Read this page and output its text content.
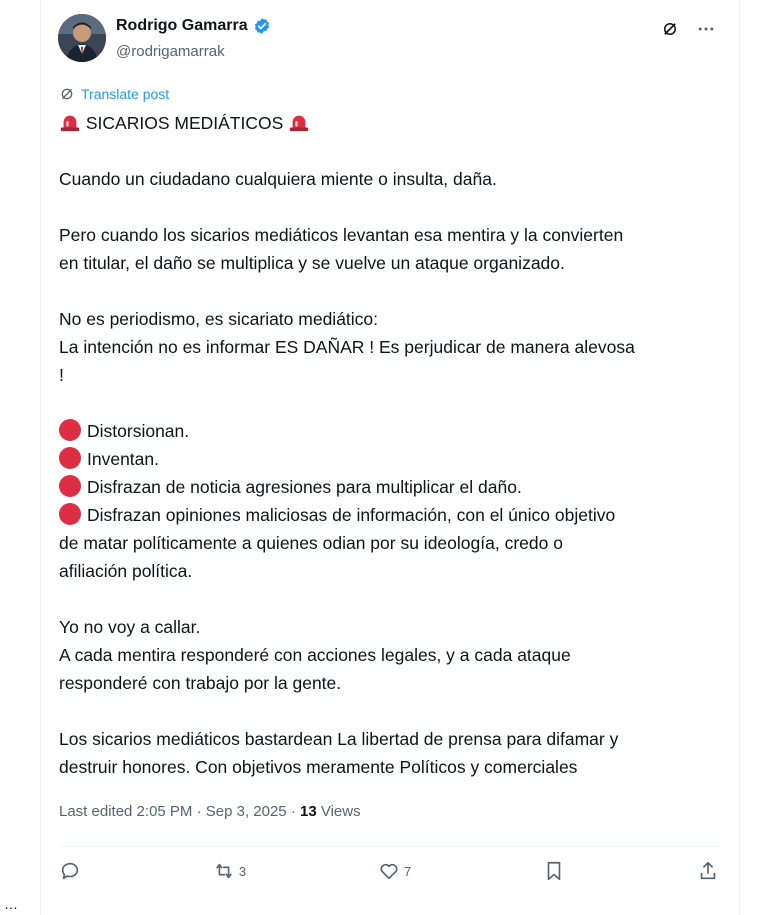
Rodrigo Gamarra
@rodrigamarrak
Translate post

SICARIOS MEDIÁTICOS

Cuando un ciudadano cualquiera miente o insulta, daña.

Pero cuando los sicarios mediáticos levantan esa mentira y la convierten

en titular, el daño se multiplica y se vuelve un ataque organizado.

No es periodismo, es sicariato mediático:

La intención no es informar ES DAÑAR ! Es perjudicar de manera alevosa

!

Distorsionan.

Inventan.

Disfrazan de noticia agresiones para multiplicar el daño.

Disfrazan opiniones maliciosas de información, con el único objetivo

de matar políticamente a quienes odian por su ideología, credo o

afiliación política.

Yo no voy a callar.

A cada mentira responderé con acciones legales, y a cada ataque

responderé con trabajo por la gente.

Los sicarios mediáticos bastardean La libertad de prensa para difamar y

destruir honores. Con objetivos meramente Políticos y comerciales

Last edited 2:05 PM · Sep 3, 2025 · 13 Views
3	7
…
